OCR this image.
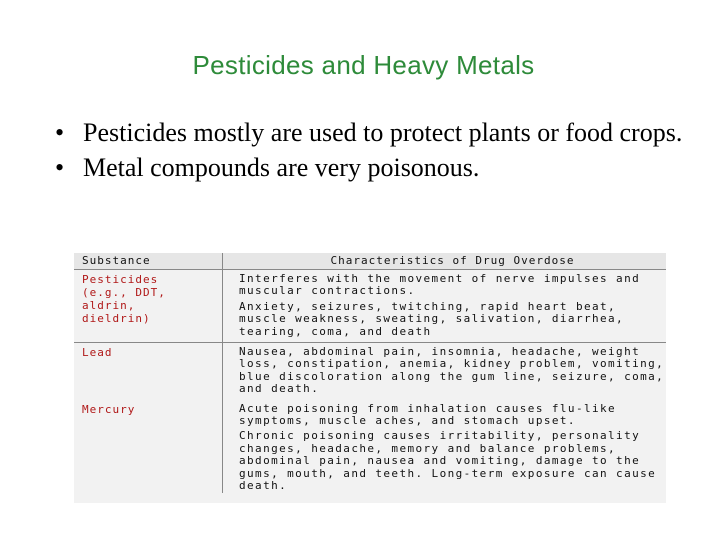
Pesticides and Heavy Metals
• Pesticides mostly are used to protect plants or food crops.
• Metal compounds are very poisonous.
Substance	Characteristics of Drug Overdose

Pesticides (e.g., DDT, aldrin, dieldrin)	Interferes with the movement of nerve impulses and muscular contractions.
	Anxiety, seizures, twitching, rapid heart beat, muscle weakness, sweating, salivation, diarrhea, tearing, coma, and death
Lead	Nausea, abdominal pain, insomnia, headache, weight loss, constipation, anemia, kidney problem, vomiting, blue discoloration along the gum line, seizure, coma, and death.
Mercury	Acute poisoning from inhalation causes flu-like symptoms, muscle aches, and stomach upset.
	Chronic poisoning causes irritability, personality changes, headache, memory and balance problems, abdominal pain, nausea and vomiting, damage to the gums, mouth, and teeth. Long-term exposure can cause death.
